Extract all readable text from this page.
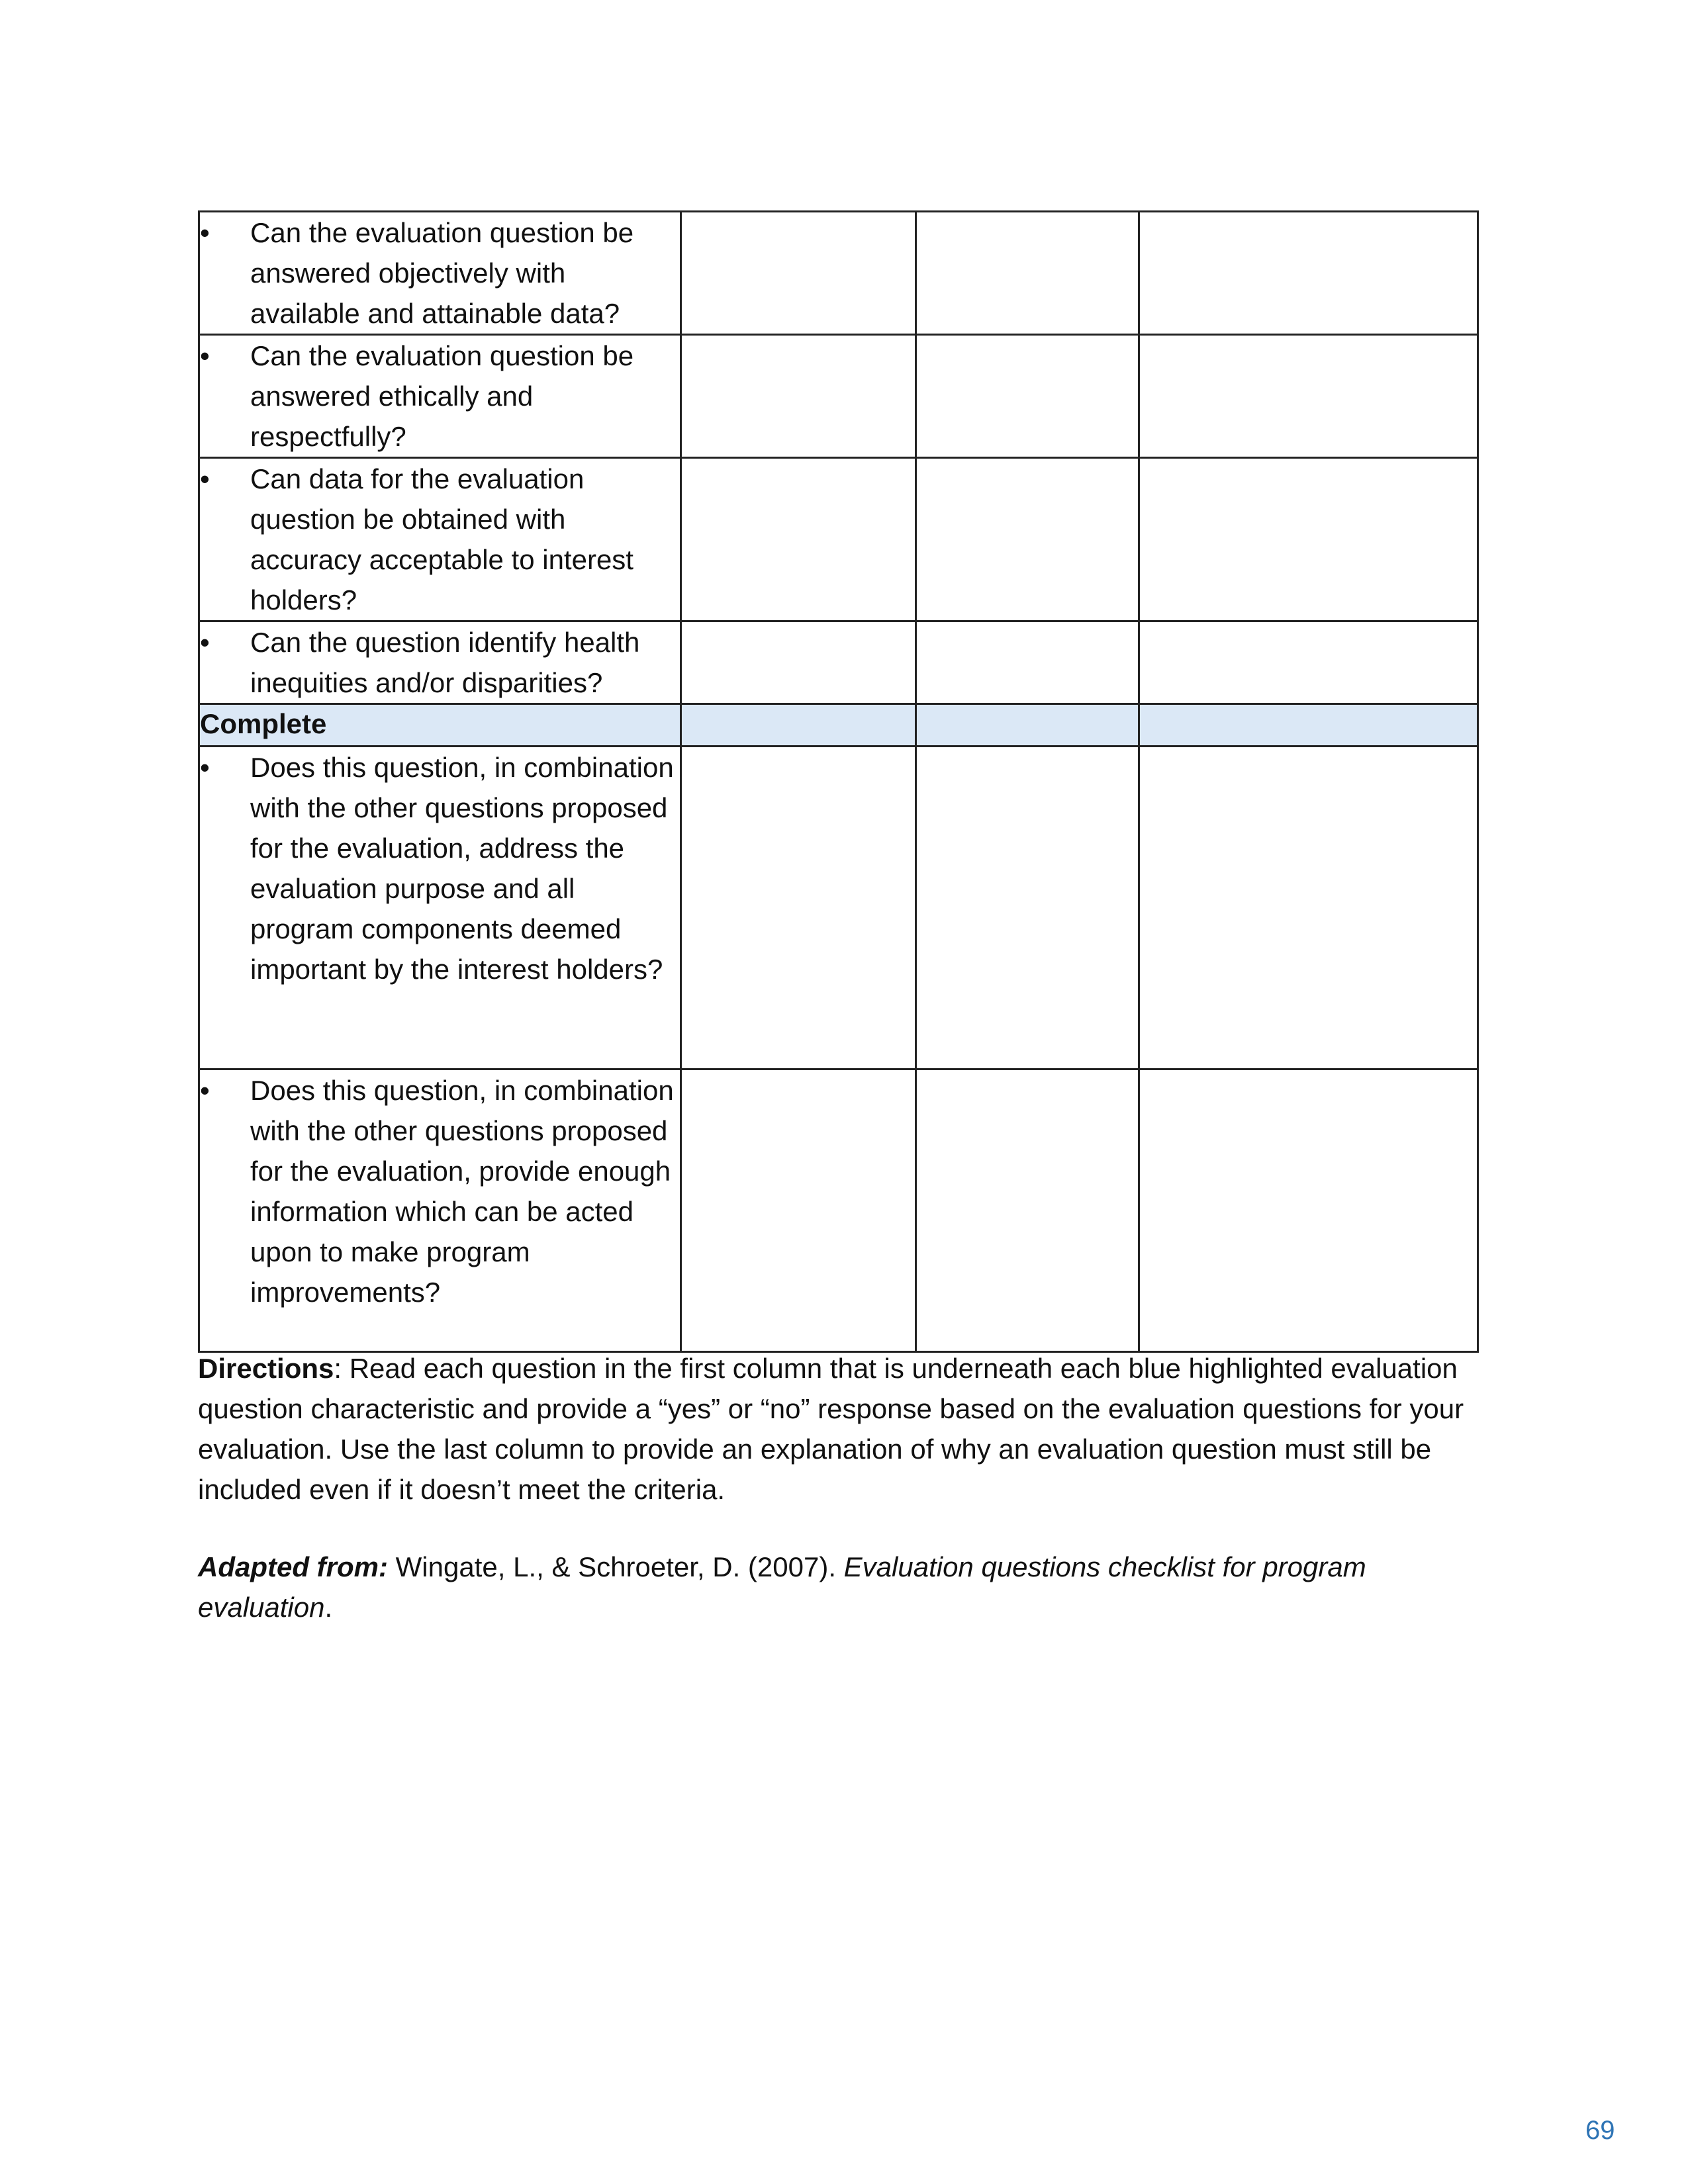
• Can the evaluation question be answered objectively with available and attainable data?			

• Can the evaluation question be answered ethically and respectfully?			

• Can data for the evaluation question be obtained with accuracy acceptable to interest holders?			

• Can the question identify health inequities and/or disparities?			

Complete			

• Does this question, in combination with the other questions proposed for the evaluation, address the evaluation purpose and all program components deemed important by the interest holders?			

• Does this question, in combination with the other questions proposed for the evaluation, provide enough information which can be acted upon to make program improvements?			

Directions: Read each question in the first column that is underneath each blue highlighted evaluation question characteristic and provide a “yes” or “no” response based on the evaluation questions for your evaluation. Use the last column to provide an explanation of why an evaluation question must still be included even if it doesn’t meet the criteria.

Adapted from: Wingate, L., & Schroeter, D. (2007). Evaluation questions checklist for program evaluation.

69
